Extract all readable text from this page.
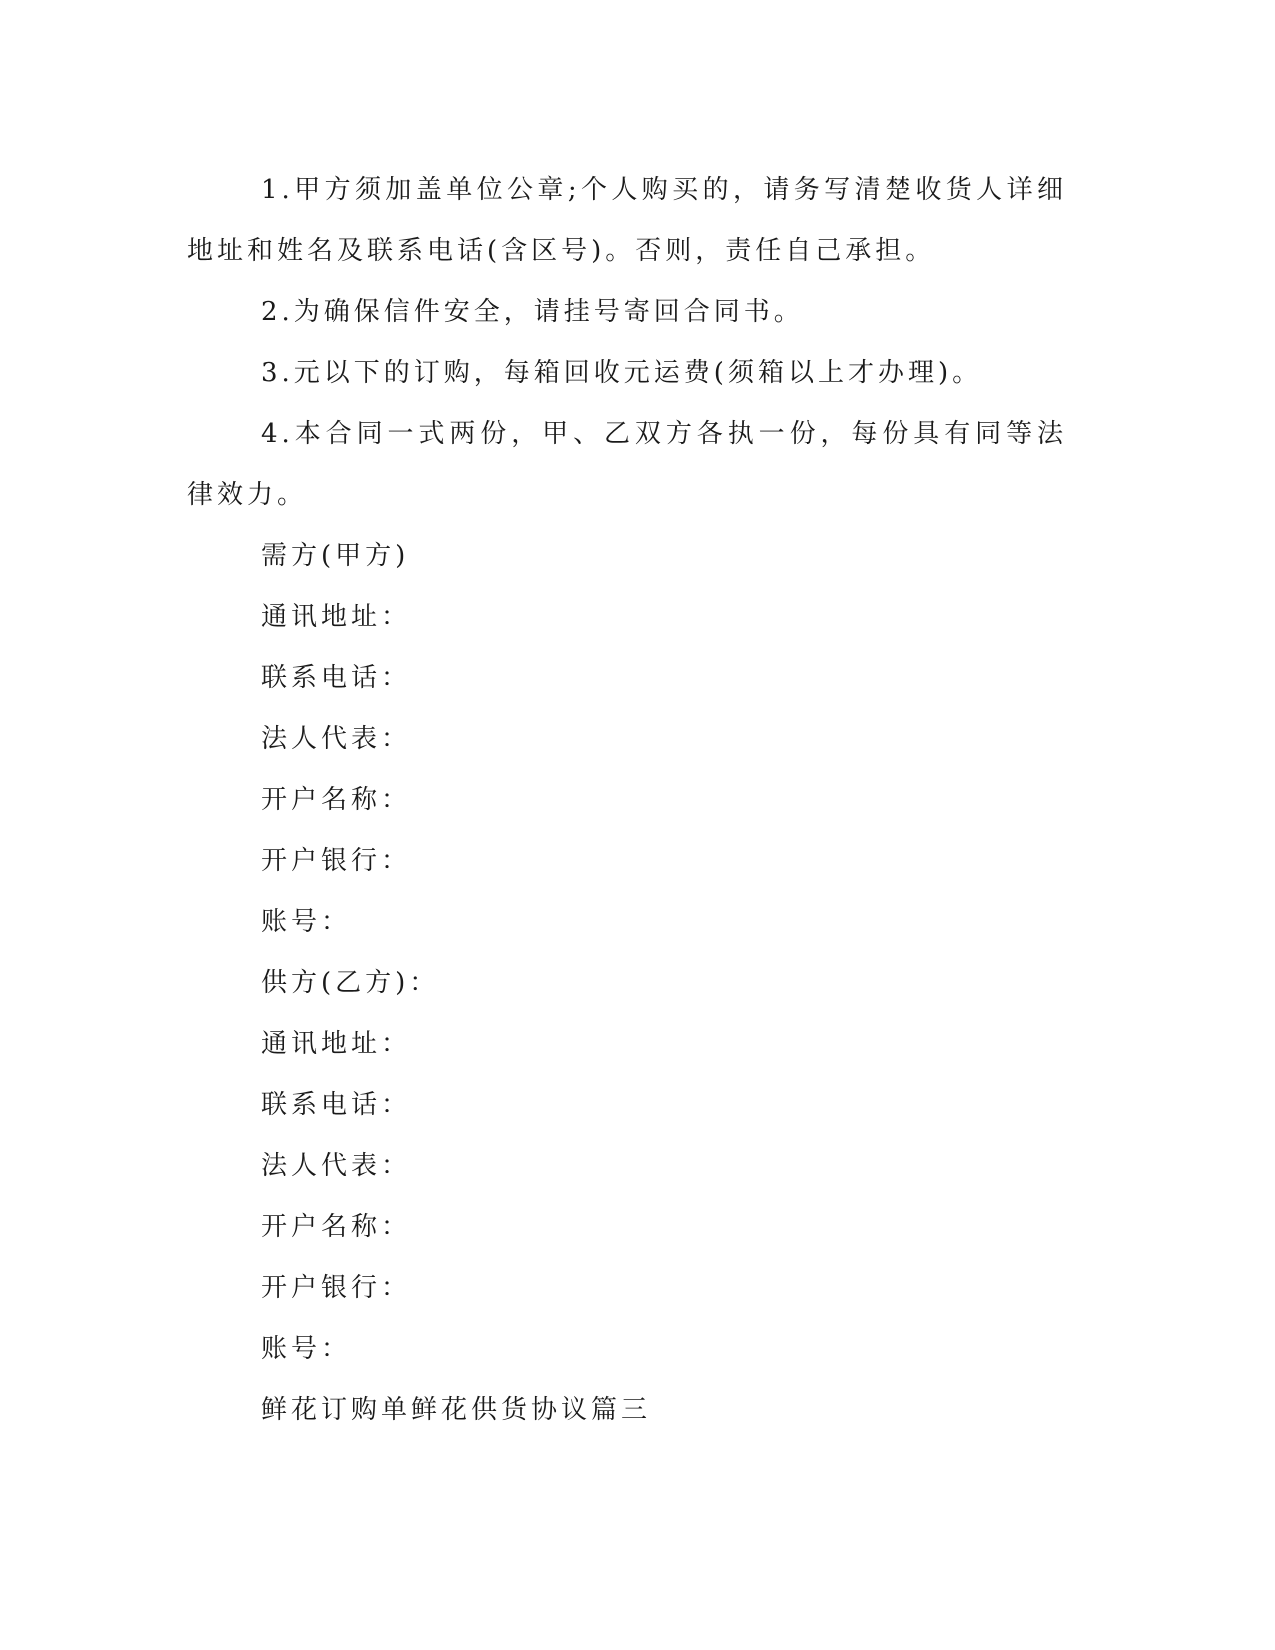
1.甲方须加盖单位公章;个人购买的，请务写清楚收货人详细地址和姓名及联系电话(含区号)。否则，责任自己承担。

2.为确保信件安全，请挂号寄回合同书。

3.元以下的订购，每箱回收元运费(须箱以上才办理)。

4.本合同一式两份，甲、乙双方各执一份，每份具有同等法律效力。

需方(甲方)

通讯地址：

联系电话：

法人代表：

开户名称：

开户银行：

账号：

供方(乙方)：

通讯地址：

联系电话：

法人代表：

开户名称：

开户银行：

账号：

鲜花订购单鲜花供货协议篇三
